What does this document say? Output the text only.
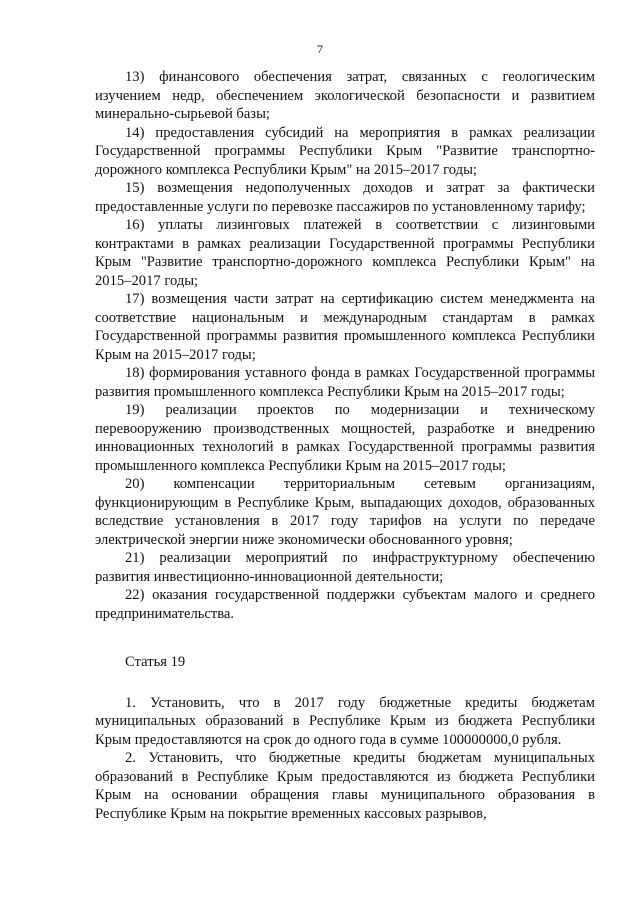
7

13) финансового обеспечения затрат, связанных с геологическим изучением недр, обеспечением экологической безопасности и развитием минерально-сырьевой базы;

14) предоставления субсидий на мероприятия в рамках реализации Государственной программы Республики Крым "Развитие транспортно-дорожного комплекса Республики Крым" на 2015–2017 годы;

15) возмещения недополученных доходов и затрат за фактически предоставленные услуги по перевозке пассажиров по установленному тарифу;

16) уплаты лизинговых платежей в соответствии с лизинговыми контрактами в рамках реализации Государственной программы Республики Крым "Развитие транспортно-дорожного комплекса Республики Крым" на 2015–2017 годы;

17) возмещения части затрат на сертификацию систем менеджмента на соответствие национальным и международным стандартам в рамках Государственной программы развития промышленного комплекса Республики Крым на 2015–2017 годы;

18) формирования уставного фонда в рамках Государственной программы развития промышленного комплекса Республики Крым на 2015–2017 годы;

19) реализации проектов по модернизации и техническому перевооружению производственных мощностей, разработке и внедрению инновационных технологий в рамках Государственной программы развития промышленного комплекса Республики Крым на 2015–2017 годы;

20) компенсации территориальным сетевым организациям, функционирующим в Республике Крым, выпадающих доходов, образованных вследствие установления в 2017 году тарифов на услуги по передаче электрической энергии ниже экономически обоснованного уровня;

21) реализации мероприятий по инфраструктурному обеспечению развития инвестиционно-инновационной деятельности;

22) оказания государственной поддержки субъектам малого и среднего предпринимательства.

Статья 19

1. Установить, что в 2017 году бюджетные кредиты бюджетам муниципальных образований в Республике Крым из бюджета Республики Крым предоставляются на срок до одного года в сумме 100000000,0 рубля.

2. Установить, что бюджетные кредиты бюджетам муниципальных образований в Республике Крым предоставляются из бюджета Республики Крым на основании обращения главы муниципального образования в Республике Крым на покрытие временных кассовых разрывов,
